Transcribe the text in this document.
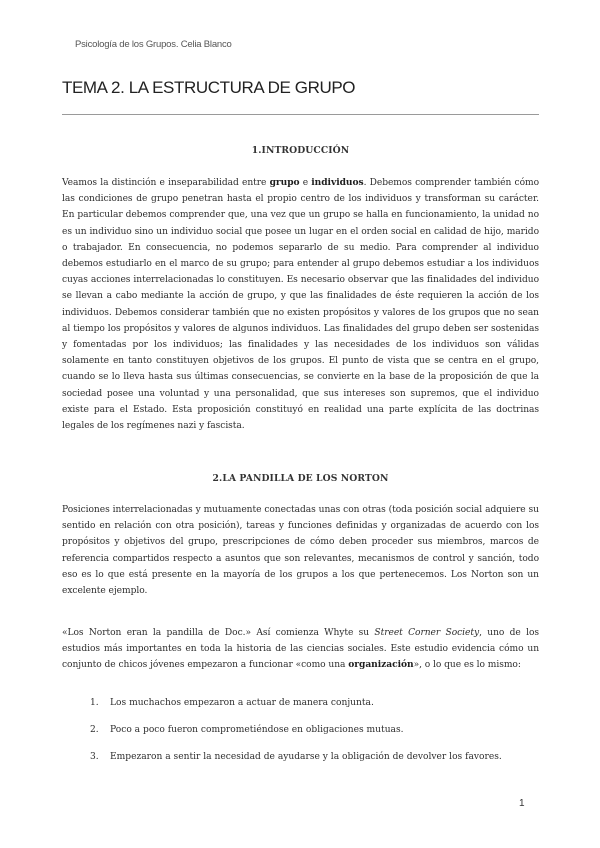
Psicología de los Grupos. Celia Blanco
TEMA 2. LA ESTRUCTURA DE GRUPO
1.INTRODUCCIÓN

Veamos la distinción e inseparabilidad entre grupo e individuos. Debemos comprender también cómo las condiciones de grupo penetran hasta el propio centro de los individuos y transforman su carácter. En particular debemos comprender que, una vez que un grupo se halla en funcionamiento, la unidad no es un individuo sino un individuo social que posee un lugar en el orden social en calidad de hijo, marido o trabajador. En consecuencia, no podemos separarlo de su medio. Para comprender al individuo debemos estudiarlo en el marco de su grupo; para entender al grupo debemos estudiar a los individuos cuyas acciones interrelacionadas lo constituyen. Es necesario observar que las finalidades del individuo se llevan a cabo mediante la acción de grupo, y que las finalidades de éste requieren la acción de los individuos. Debemos considerar también que no existen propósitos y valores de los grupos que no sean al tiempo los propósitos y valores de algunos individuos. Las finalidades del grupo deben ser sostenidas y fomentadas por los individuos; las finalidades y las necesidades de los individuos son válidas solamente en tanto constituyen objetivos de los grupos. El punto de vista que se centra en el grupo, cuando se lo lleva hasta sus últimas consecuencias, se convierte en la base de la proposición de que la sociedad posee una voluntad y una personalidad, que sus intereses son supremos, que el individuo existe para el Estado. Esta proposición constituyó en realidad una parte explícita de las doctrinas legales de los regímenes nazi y fascista.

2.LA PANDILLA DE LOS NORTON

Posiciones interrelacionadas y mutuamente conectadas unas con otras (toda posición social adquiere su sentido en relación con otra posición), tareas y funciones definidas y organizadas de acuerdo con los propósitos y objetivos del grupo, prescripciones de cómo deben proceder sus miembros, marcos de referencia compartidos respecto a asuntos que son relevantes, mecanismos de control y sanción, todo eso es lo que está presente en la mayoría de los grupos a los que pertenecemos. Los Norton son un excelente ejemplo.

«Los Norton eran la pandilla de Doc.» Así comienza Whyte su Street Corner Society, uno de los estudios más importantes en toda la historia de las ciencias sociales. Este estudio evidencia cómo un conjunto de chicos jóvenes empezaron a funcionar «como una organización», o lo que es lo mismo:

1. Los muchachos empezaron a actuar de manera conjunta.
2. Poco a poco fueron comprometiéndose en obligaciones mutuas.
3. Empezaron a sentir la necesidad de ayudarse y la obligación de devolver los favores.
1
